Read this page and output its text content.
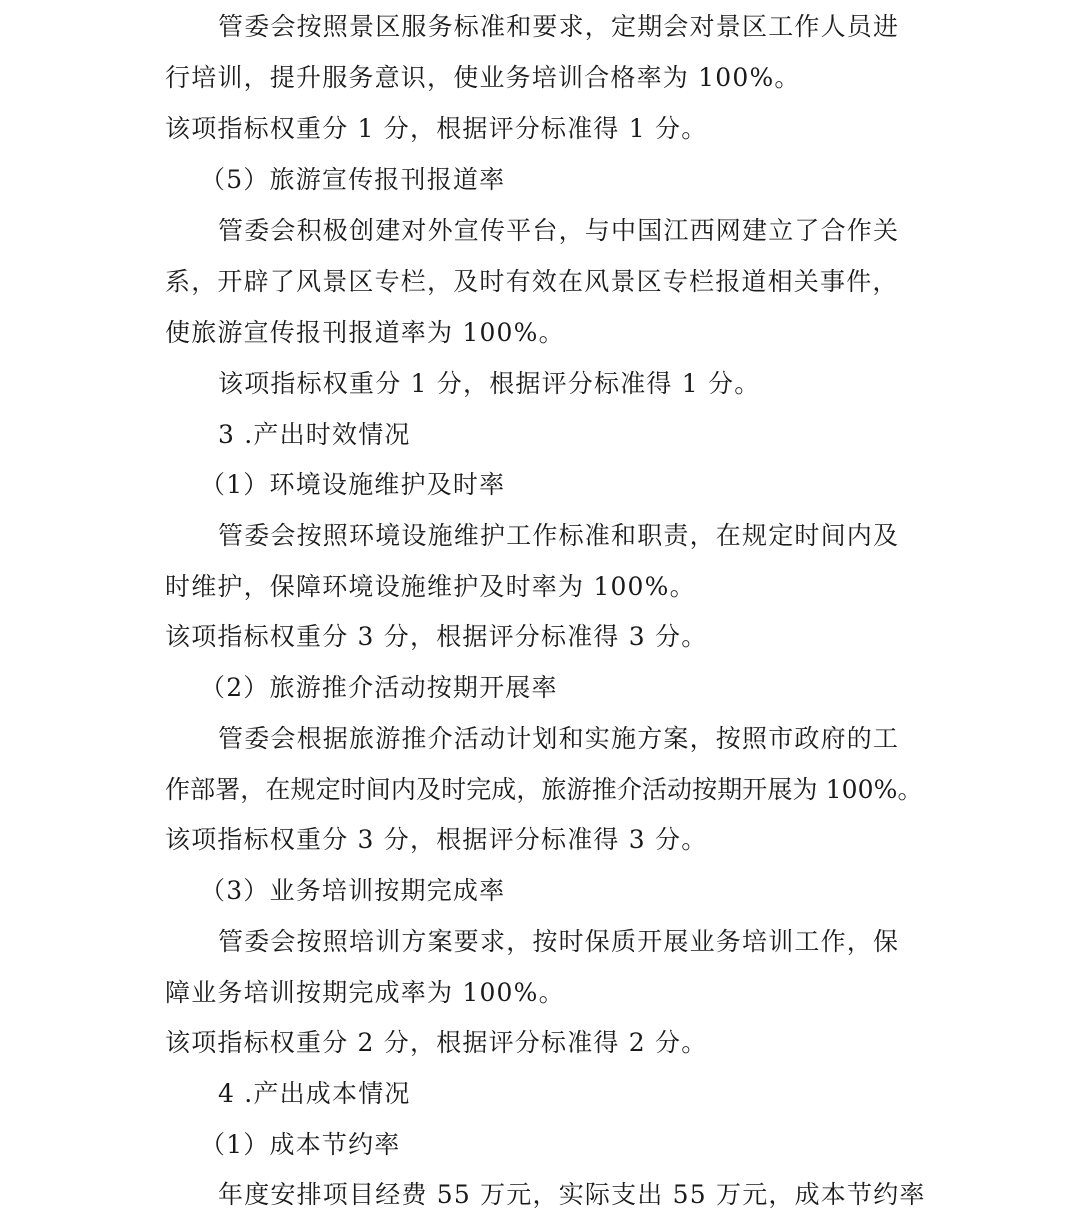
管委会按照景区服务标准和要求，定期会对景区工作人员进
行培训，提升服务意识，使业务培训合格率为 100%。
该项指标权重分 1 分，根据评分标准得 1 分。
（5）旅游宣传报刊报道率
管委会积极创建对外宣传平台，与中国江西网建立了合作关
系，开辟了风景区专栏，及时有效在风景区专栏报道相关事件，
使旅游宣传报刊报道率为 100%。
该项指标权重分 1 分，根据评分标准得 1 分。
3 .产出时效情况
（1）环境设施维护及时率
管委会按照环境设施维护工作标准和职责，在规定时间内及
时维护，保障环境设施维护及时率为 100%。
该项指标权重分 3 分，根据评分标准得 3 分。
（2）旅游推介活动按期开展率
管委会根据旅游推介活动计划和实施方案，按照市政府的工
作部署，在规定时间内及时完成，旅游推介活动按期开展为 100%。
该项指标权重分 3 分，根据评分标准得 3 分。
（3）业务培训按期完成率
管委会按照培训方案要求，按时保质开展业务培训工作，保
障业务培训按期完成率为 100%。
该项指标权重分 2 分，根据评分标准得 2 分。
4 .产出成本情况
（1）成本节约率
年度安排项目经费 55 万元，实际支出 55 万元，成本节约率
